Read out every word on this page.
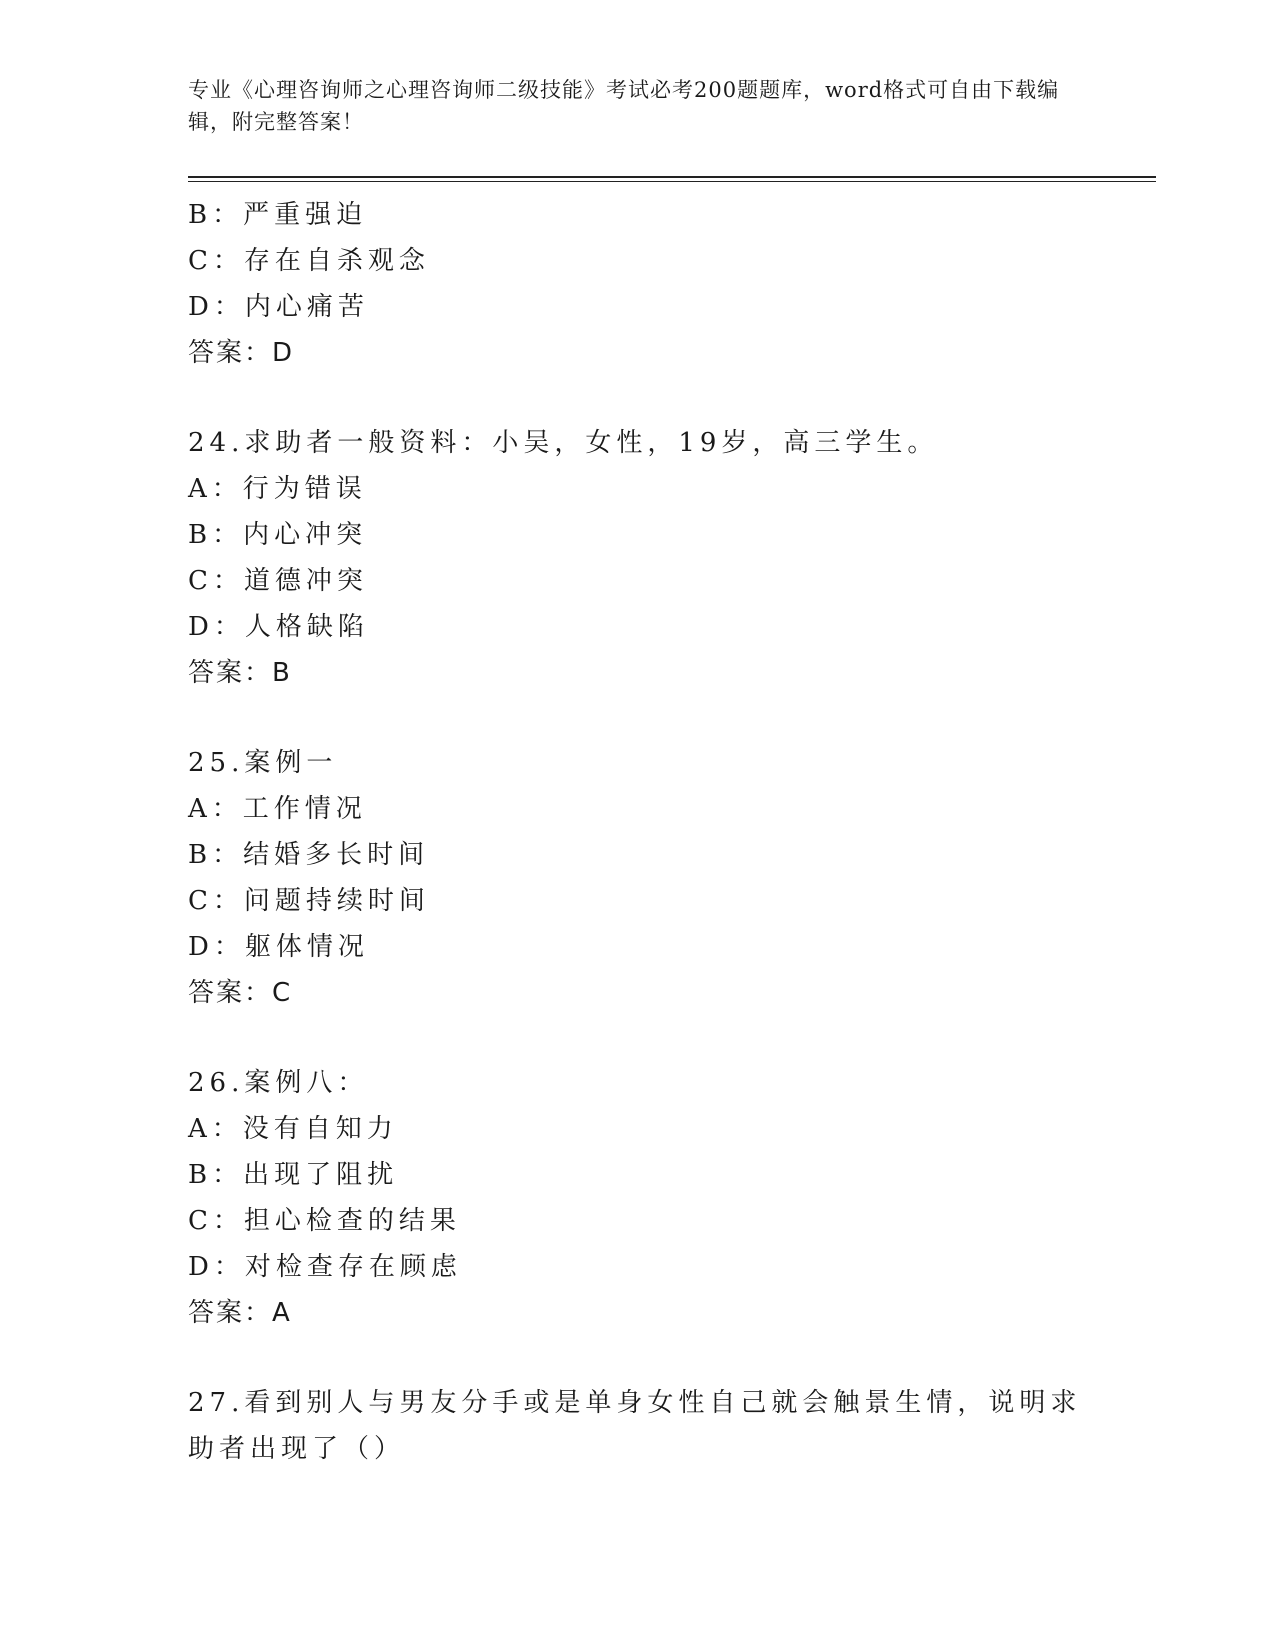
专业《心理咨询师之心理咨询师二级技能》考试必考200题题库，word格式可自由下载编辑，附完整答案！
B：严重强迫
C：存在自杀观念
D：内心痛苦
答案：D
24.求助者一般资料：小吴，女性，19岁，高三学生。
A：行为错误
B：内心冲突
C：道德冲突
D：人格缺陷
答案：B
25.案例一
A：工作情况
B：结婚多长时间
C：问题持续时间
D：躯体情况
答案：C
26.案例八：
A：没有自知力
B：出现了阻扰
C：担心检查的结果
D：对检查存在顾虑
答案：A
27.看到别人与男友分手或是单身女性自己就会触景生情，说明求助者出现了（）
